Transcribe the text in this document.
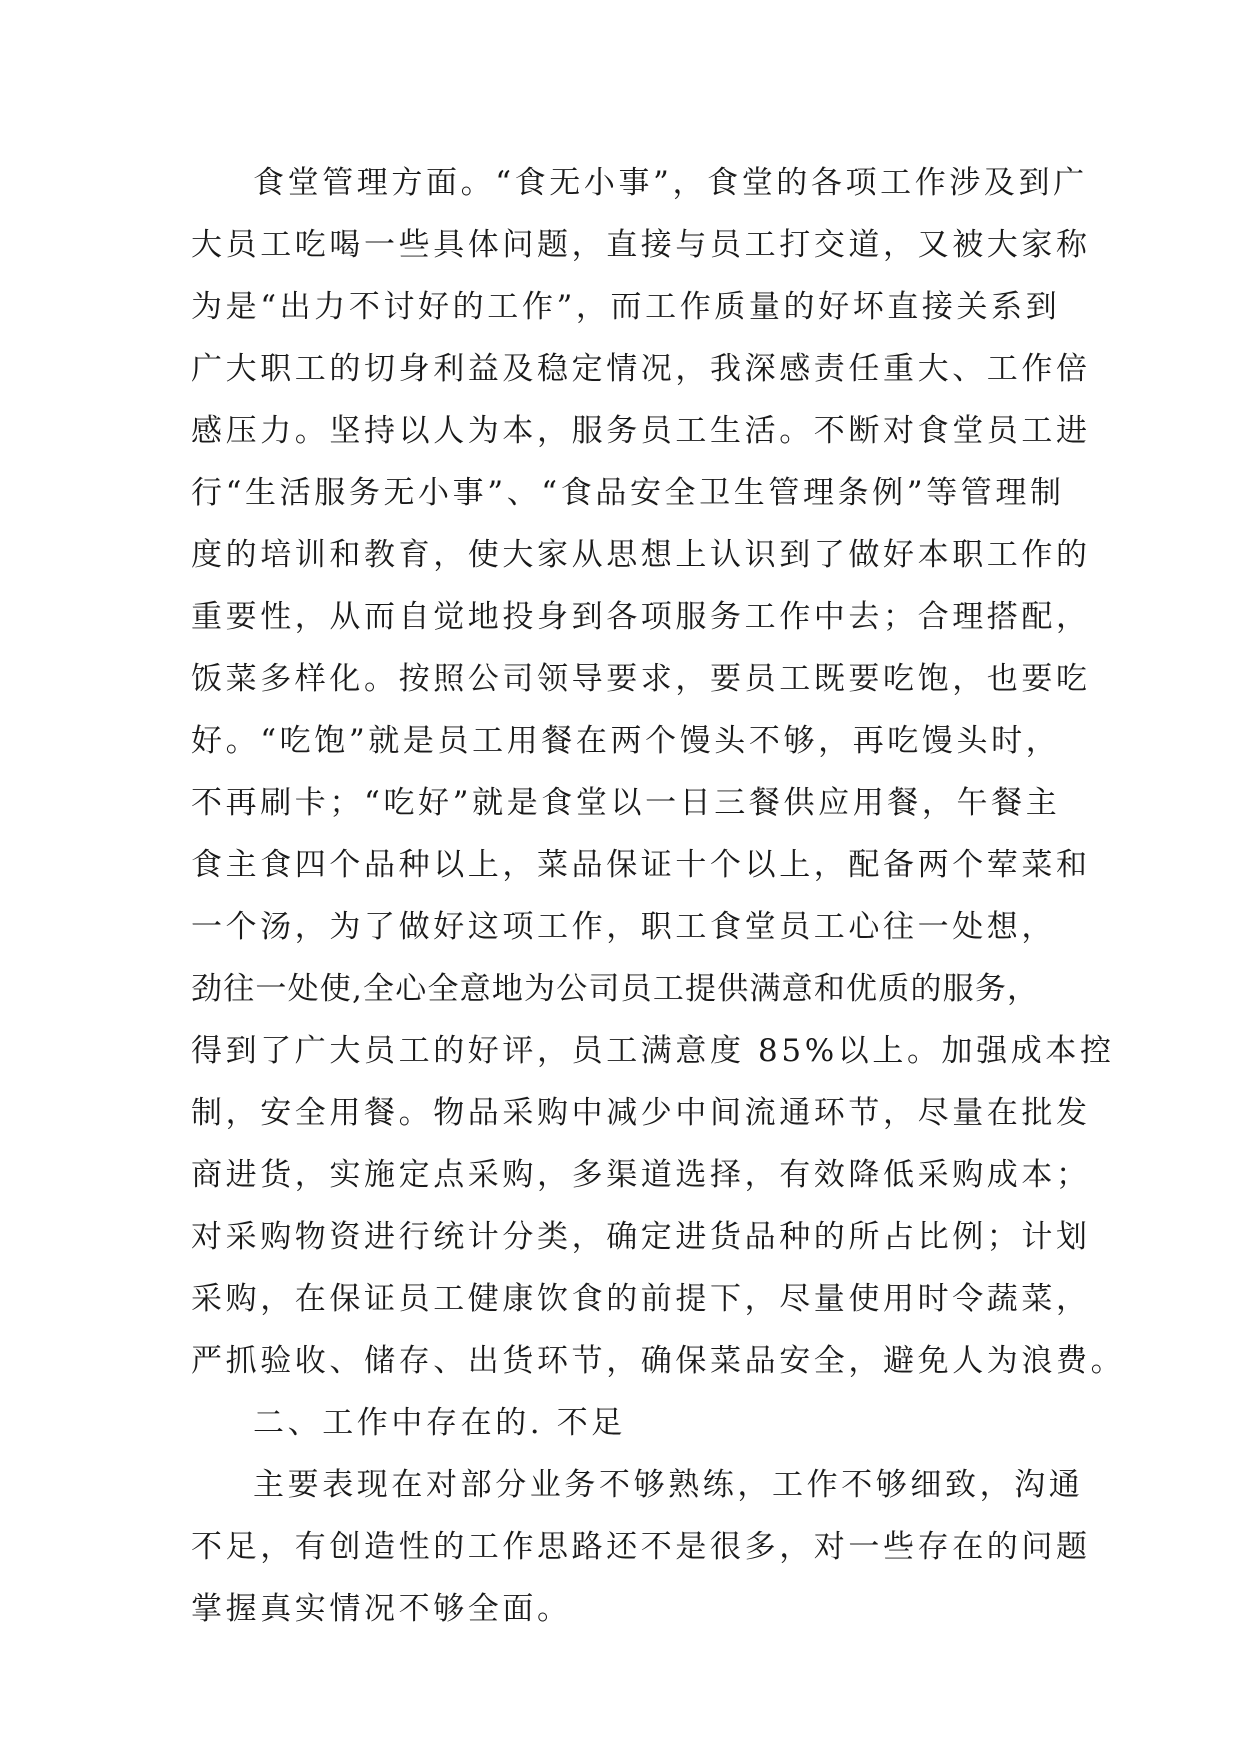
食堂管理方面。“食无小事”，食堂的各项工作涉及到广
大员工吃喝一些具体问题，直接与员工打交道，又被大家称
为是“出力不讨好的工作”，而工作质量的好坏直接关系到
广大职工的切身利益及稳定情况，我深感责任重大、工作倍
感压力。坚持以人为本，服务员工生活。不断对食堂员工进
行“生活服务无小事”、“食品安全卫生管理条例”等管理制
度的培训和教育，使大家从思想上认识到了做好本职工作的
重要性，从而自觉地投身到各项服务工作中去；合理搭配，
饭菜多样化。按照公司领导要求，要员工既要吃饱，也要吃
好。“吃饱”就是员工用餐在两个馒头不够，再吃馒头时，
不再刷卡；“吃好”就是食堂以一日三餐供应用餐，午餐主
食主食四个品种以上，菜品保证十个以上，配备两个荤菜和
一个汤，为了做好这项工作，职工食堂员工心往一处想，
劲往一处使,全心全意地为公司员工提供满意和优质的服务，
得到了广大员工的好评，员工满意度 85%以上。加强成本控
制，安全用餐。物品采购中减少中间流通环节，尽量在批发
商进货，实施定点采购，多渠道选择，有效降低采购成本；
对采购物资进行统计分类，确定进货品种的所占比例；计划
采购，在保证员工健康饮食的前提下，尽量使用时令蔬菜，
严抓验收、储存、出货环节，确保菜品安全，避免人为浪费。
二、工作中存在的. 不足
主要表现在对部分业务不够熟练，工作不够细致，沟通
不足，有创造性的工作思路还不是很多，对一些存在的问题
掌握真实情况不够全面。
